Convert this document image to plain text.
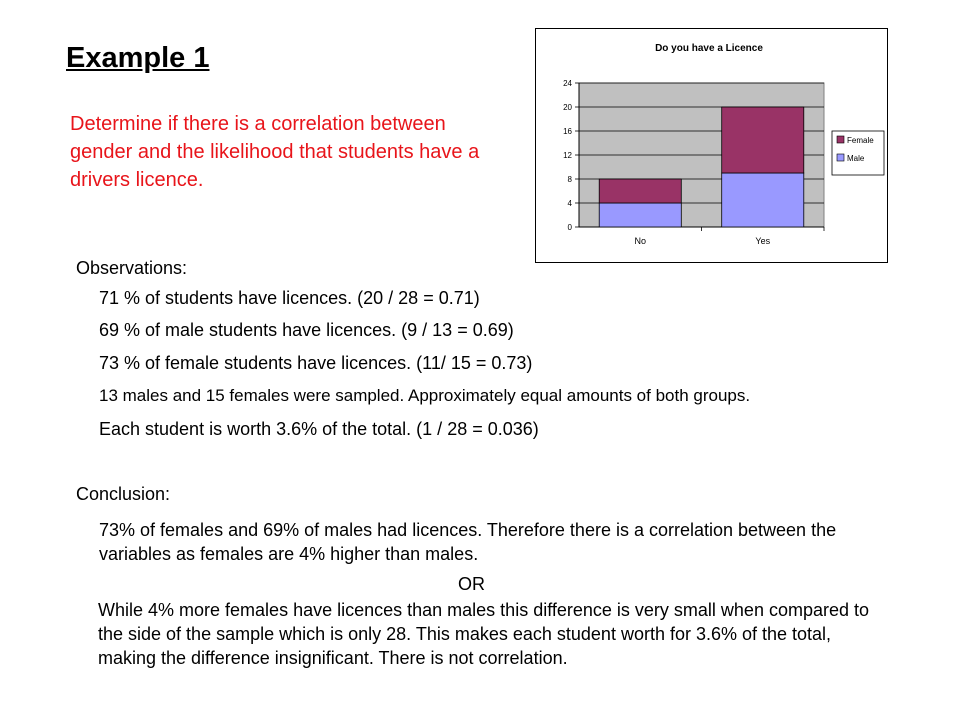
Example 1
Determine if there is a correlation between gender and the likelihood that students have a drivers licence.
Do you have a Licence
0
4
8
12
16
20
24
No	Yes
Female
Male
Observations:
71 % of students have licences. (20 / 28 = 0.71)
69 % of male students have licences. (9 / 13 = 0.69)
73 % of female students have licences. (11/ 15 = 0.73)
13 males and 15 females were sampled. Approximately equal amounts of both groups.
Each student is worth 3.6% of the total. (1 / 28 = 0.036)
Conclusion:
73% of females and 69% of males had licences. Therefore there is a correlation between the variables as females are 4% higher than males.
OR
While 4% more females have licences than males this difference is very small when compared to the side of the sample which is only 28. This makes each student worth for 3.6% of the total, making the difference insignificant. There is not correlation.
